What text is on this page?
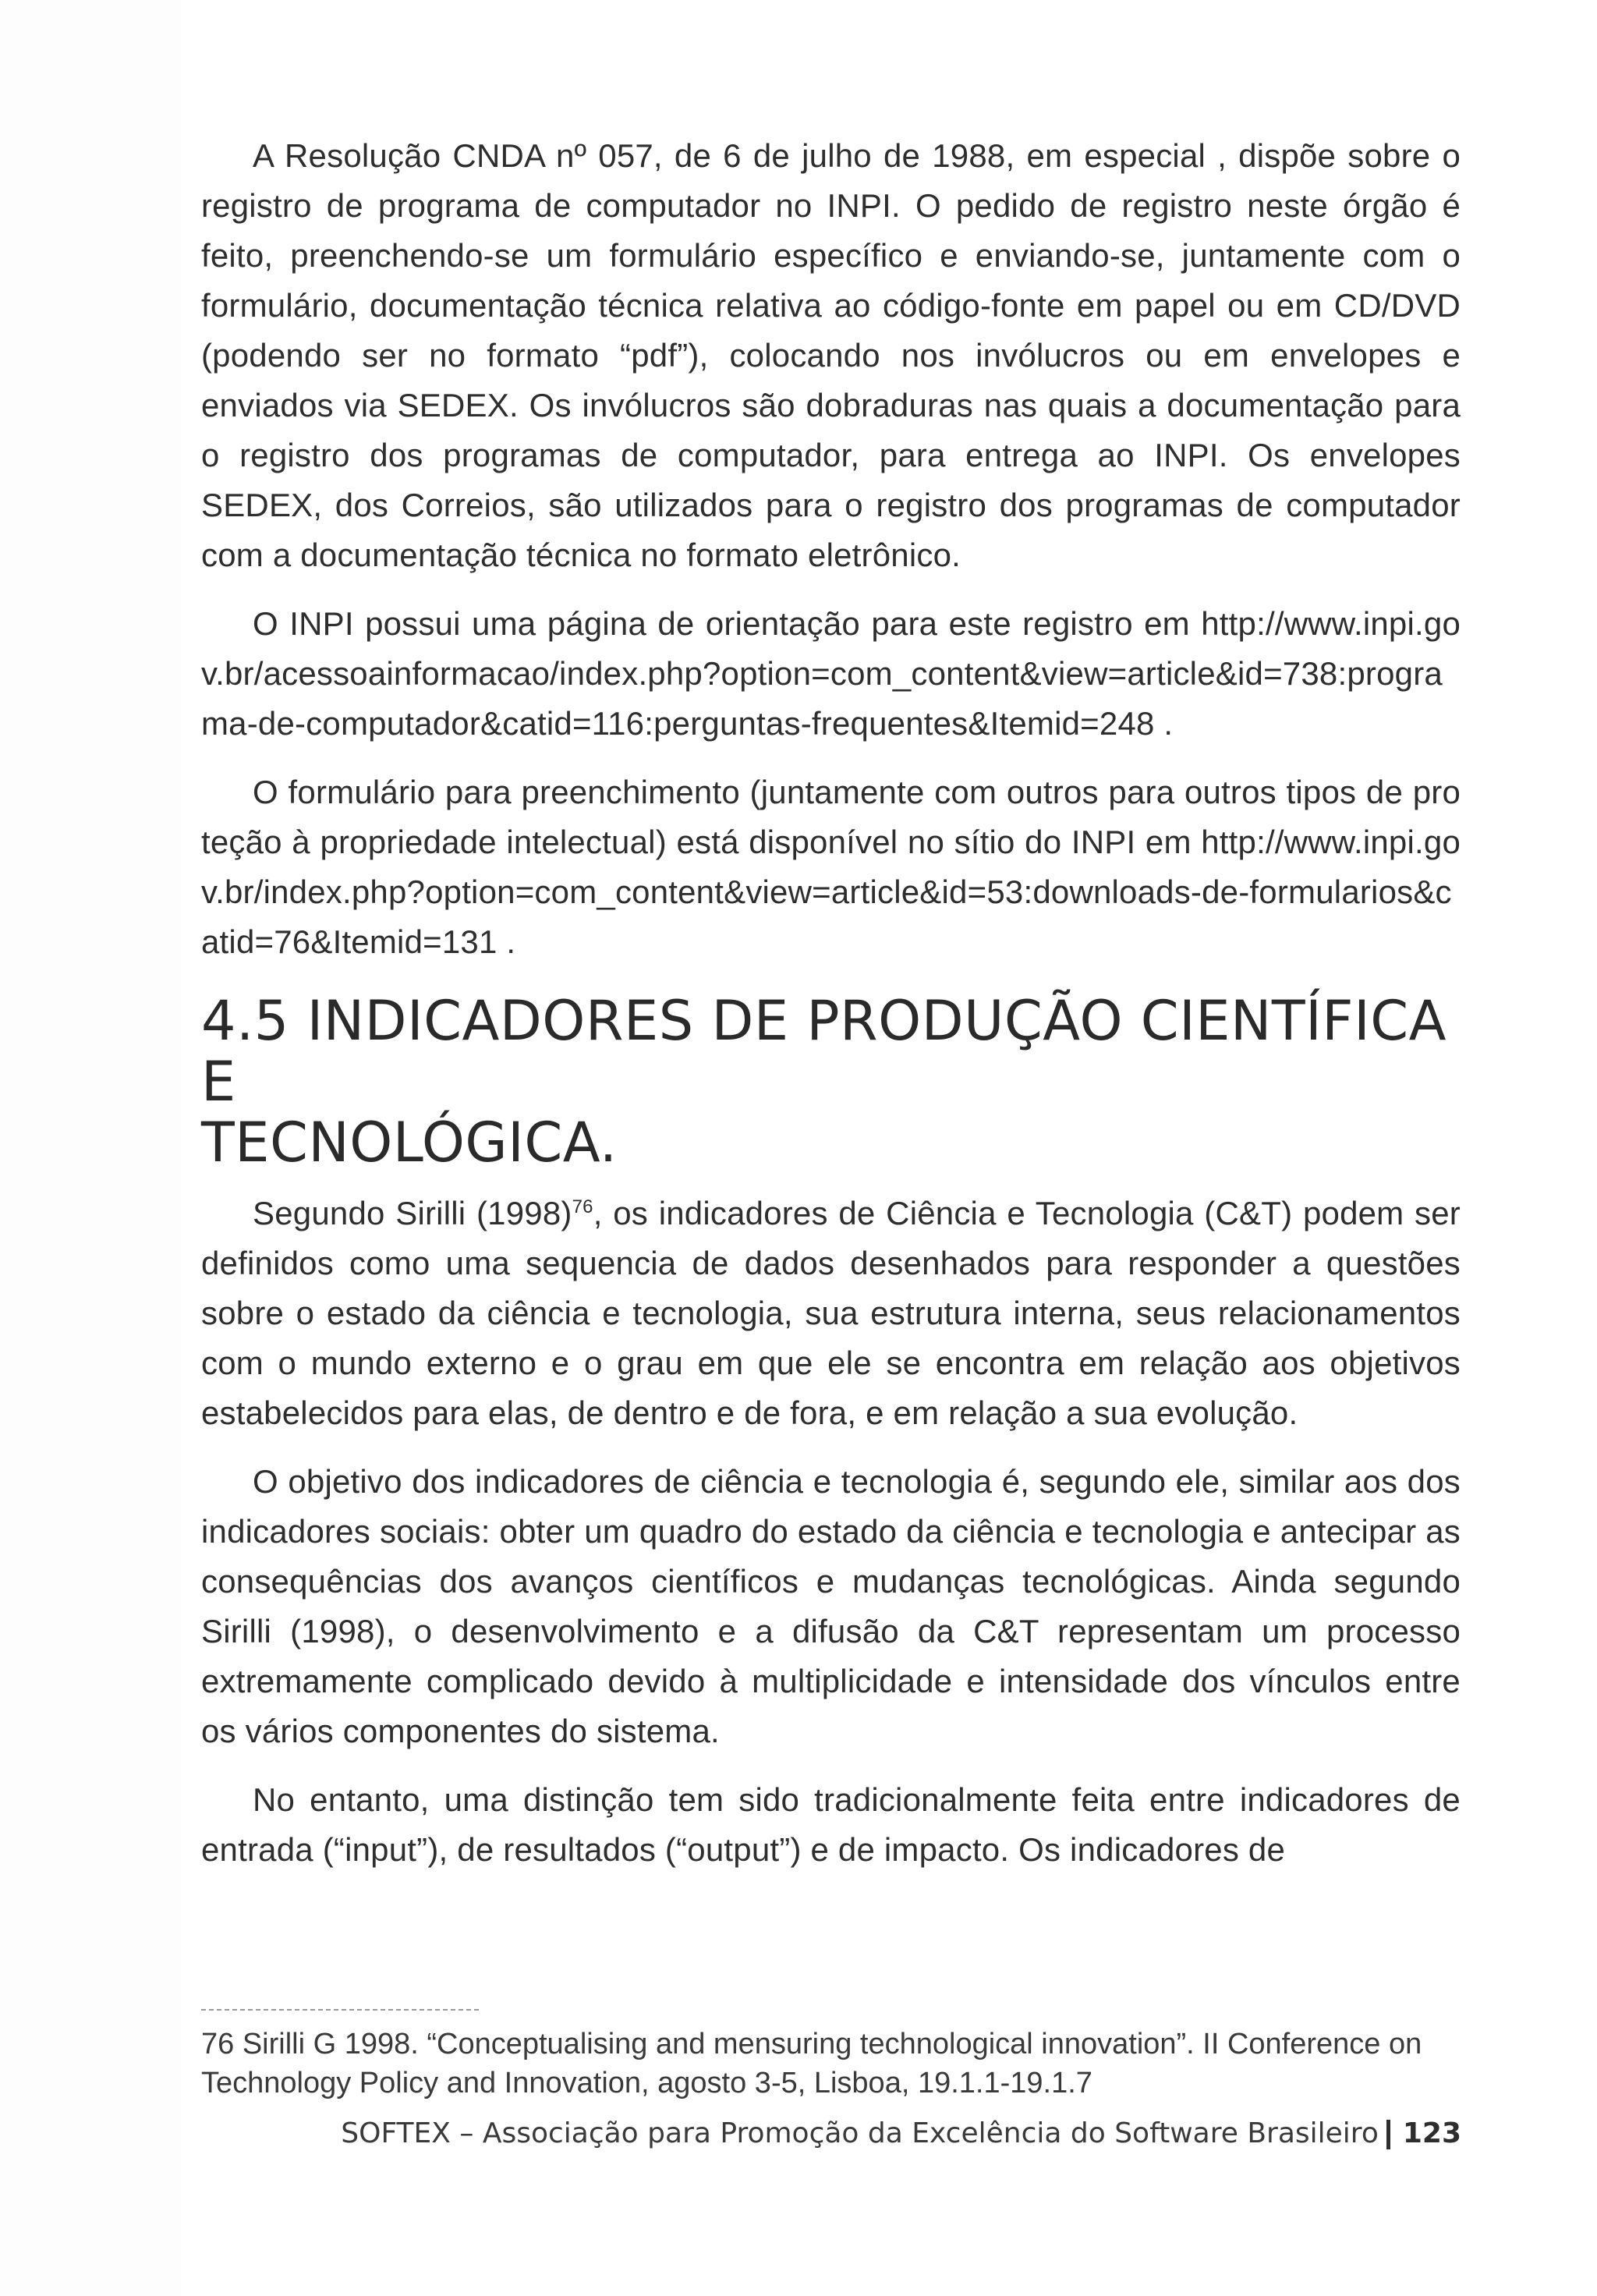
A Resolução CNDA nº 057, de 6 de julho de 1988, em especial , dispõe sobre o registro de programa de computador no INPI. O pedido de registro neste órgão é feito, preenchendo-se um formulário específico e enviando-se, juntamente com o formulário, documentação técnica relativa ao código-fonte em papel ou em CD/DVD (podendo ser no formato “pdf”), colocando nos invólucros ou em envelopes e enviados via SEDEX. Os invólucros são dobraduras nas quais a documentação para o registro dos programas de computador, para entrega ao INPI. Os envelopes SEDEX, dos Correios, são utilizados para o registro dos programas de computador com a documentação técnica no formato eletrônico.

O INPI possui uma página de orientação para este registro em http://www.inpi.gov.br/acessoainformacao/index.php?option=com_content&view=article&id=738:programa-de-computador&catid=116:perguntas-frequentes&Itemid=248 .

O formulário para preenchimento (juntamente com outros para outros tipos de proteção à propriedade intelectual) está disponível no sítio do INPI em http://www.inpi.gov.br/index.php?option=com_content&view=article&id=53:downloads-de-formularios&catid=76&Itemid=131 .

4.5 INDICADORES DE PRODUÇÃO CIENTÍFICA E
TECNOLÓGICA.

Segundo Sirilli (1998)$^{76}$, os indicadores de Ciência e Tecnologia (C&T) podem ser definidos como uma sequencia de dados desenhados para responder a questões sobre o estado da ciência e tecnologia, sua estrutura interna, seus relacionamentos com o mundo externo e o grau em que ele se encontra em relação aos objetivos estabelecidos para elas, de dentro e de fora, e em relação a sua evolução.

O objetivo dos indicadores de ciência e tecnologia é, segundo ele, similar aos dos indicadores sociais: obter um quadro do estado da ciência e tecnologia e antecipar as consequências dos avanços científicos e mudanças tecnológicas. Ainda segundo Sirilli (1998), o desenvolvimento e a difusão da C&T representam um processo extremamente complicado devido à multiplicidade e intensidade dos vínculos entre os vários componentes do sistema.

No entanto, uma distinção tem sido tradicionalmente feita entre indicadores de entrada (“input”), de resultados (“output”) e de impacto. Os indicadores de

76 Sirilli G 1998. “Conceptualising and mensuring technological innovation”. II Conference on Technology Policy and Innovation, agosto 3-5, Lisboa, 19.1.1-19.1.7

SOFTEX – Associação para Promoção da Excelência do Software Brasileiro 123
